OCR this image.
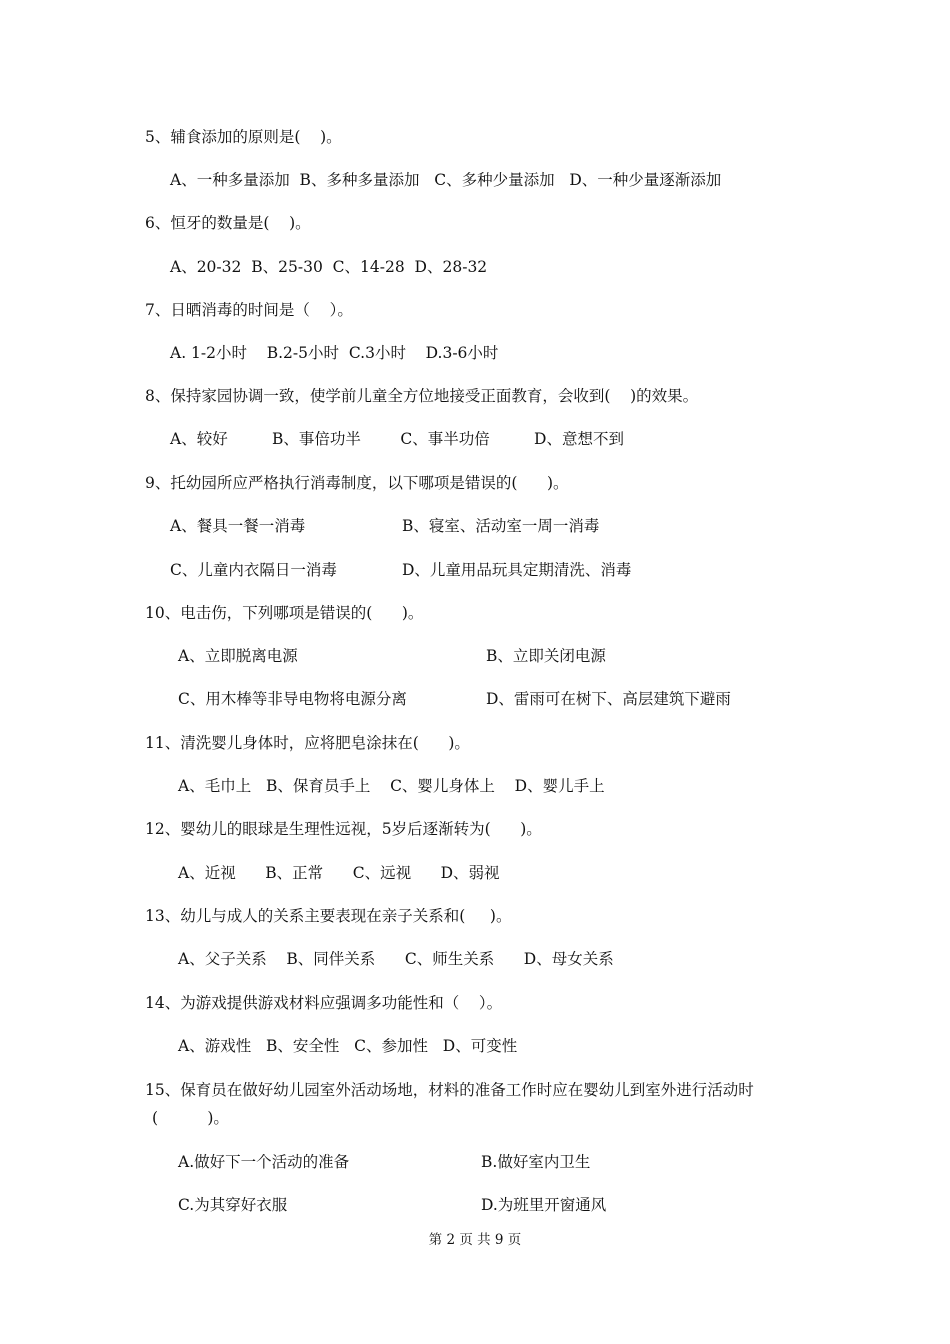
5、辅食添加的原则是(    )。
A、一种多量添加  B、多种多量添加   C、多种少量添加   D、一种少量逐渐添加
6、恒牙的数量是(    )。
A、20-32  B、25-30  C、14-28  D、28-32
7、日晒消毒的时间是（    ）。
A. 1-2小时    B.2-5小时  C.3小时    D.3-6小时
8、保持家园协调一致，使学前儿童全方位地接受正面教育，会收到(    )的效果。
A、较好         B、事倍功半        C、事半功倍         D、意想不到
9、托幼园所应严格执行消毒制度，以下哪项是错误的(      )。
A、餐具一餐一消毒	B、寝室、活动室一周一消毒
C、儿童内衣隔日一消毒	D、儿童用品玩具定期清洗、消毒
10、电击伤，下列哪项是错误的(      )。
A、立即脱离电源	B、立即关闭电源
C、用木棒等非导电物将电源分离	D、雷雨可在树下、高层建筑下避雨
11、清洗婴儿身体时，应将肥皂涂抹在(      )。
A、毛巾上   B、保育员手上    C、婴儿身体上    D、婴儿手上
12、婴幼儿的眼球是生理性远视，5岁后逐渐转为(      )。
A、近视      B、正常      C、远视      D、弱视
13、幼儿与成人的关系主要表现在亲子关系和(     )。
A、父子关系    B、同伴关系      C、师生关系      D、母女关系
14、为游戏提供游戏材料应强调多功能性和（    ）。
A、游戏性   B、安全性   C、参加性   D、可变性
15、保育员在做好幼儿园室外活动场地，材料的准备工作时应在婴幼儿到室外进行活动时
(          )。
A.做好下一个活动的准备	B.做好室内卫生
C.为其穿好衣服	D.为班里开窗通风
第 2 页 共 9 页
